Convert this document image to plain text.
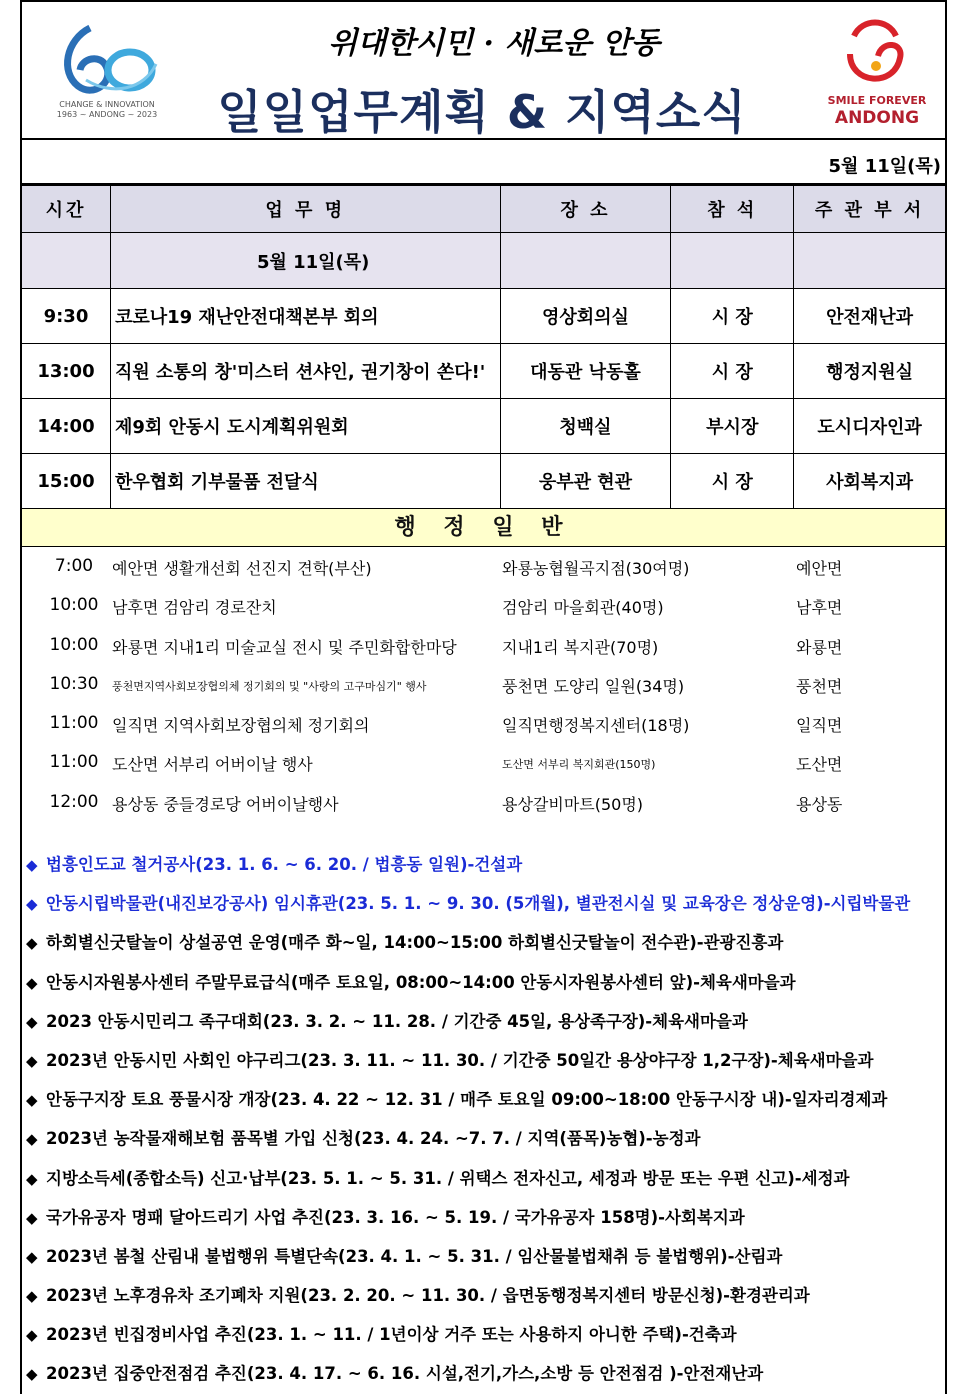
CHANGE & INNOVATION
1963 ~ ANDONG ~ 2023
위대한시민 · 새로운 안동
일일업무계획 & 지역소식	SMILE FOREVER
ANDONG
5월 11일(목)
시간	업 무 명	장 소	참 석	주 관 부 서
	5월 11일(목)			
9:30	코로나19 재난안전대책본부 회의	영상회의실	시 장	안전재난과
13:00	직원 소통의 창'미스터 션샤인, 권기창이 쏜다!'	대동관 낙동홀	시 장	행정지원실
14:00	제9회 안동시 도시계획위원회	청백실	부시장	도시디자인과
15:00	한우협회 기부물품 전달식	웅부관 현관	시 장	사회복지과
행 정 일 반
7:00	예안면 생활개선회 선진지 견학(부산)	와룡농협월곡지점(30여명)	예안면
10:00 남후면 검암리 경로잔치	검암리 마을회관(40명)	남후면
10:00 와룡면 지내1리 미술교실 전시 및 주민화합한마당	지내1리 복지관(70명)	와룡면
10:30	풍천면지역사회보장협의체 정기회의 및 "사랑의 고구마심기" 행사	풍천면 도양리 일원(34명)	풍천면
11:00 일직면 지역사회보장협의체 정기회의	일직면행정복지센터(18명)	일직면
11:00 도산면 서부리 어버이날 행사	도산면 서부리 복지회관(150명)	도산면
12:00 용상동 중들경로당 어버이날행사	용상갈비마트(50명)	용상동
◆ 법흥인도교 철거공사(23. 1. 6. ~ 6. 20. / 법흥동 일원)-건설과
◆ 안동시립박물관(내진보강공사) 임시휴관(23. 5. 1. ~ 9. 30. (5개월), 별관전시실 및 교육장은 정상운영)-시립박물관
◆ 하회별신굿탈놀이 상설공연 운영(매주 화~일, 14:00~15:00 하회별신굿탈놀이 전수관)-관광진흥과
◆ 안동시자원봉사센터 주말무료급식(매주 토요일, 08:00~14:00 안동시자원봉사센터 앞)-체육새마을과
◆ 2023 안동시민리그 족구대회(23. 3. 2. ~ 11. 28. / 기간중 45일, 용상족구장)-체육새마을과
◆ 2023년 안동시민 사회인 야구리그(23. 3. 11. ~ 11. 30. / 기간중 50일간 용상야구장 1,2구장)-체육새마을과
◆ 안동구지장 토요 풍물시장 개장(23. 4. 22 ~ 12. 31 / 매주 토요일 09:00~18:00 안동구시장 내)-일자리경제과
◆ 2023년 농작물재해보험 품목별 가입 신청(23. 4. 24. ~7. 7. / 지역(품목)농협)-농정과
◆ 지방소득세(종합소득) 신고·납부(23. 5. 1. ~ 5. 31. / 위택스 전자신고, 세정과 방문 또는 우편 신고)-세정과
◆ 국가유공자 명패 달아드리기 사업 추진(23. 3. 16. ~ 5. 19. / 국가유공자 158명)-사회복지과
◆ 2023년 봄철 산림내 불법행위 특별단속(23. 4. 1. ~ 5. 31. / 임산물불법채취 등 불법행위)-산림과
◆ 2023년 노후경유차 조기폐차 지원(23. 2. 20. ~ 11. 30. / 읍면동행정복지센터 방문신청)-환경관리과
◆ 2023년 빈집정비사업 추진(23. 1. ~ 11. / 1년이상 거주 또는 사용하지 아니한 주택)-건축과
◆ 2023년 집중안전점검 추진(23. 4. 17. ~ 6. 16. 시설,전기,가스,소방 등 안전점검 )-안전재난과
